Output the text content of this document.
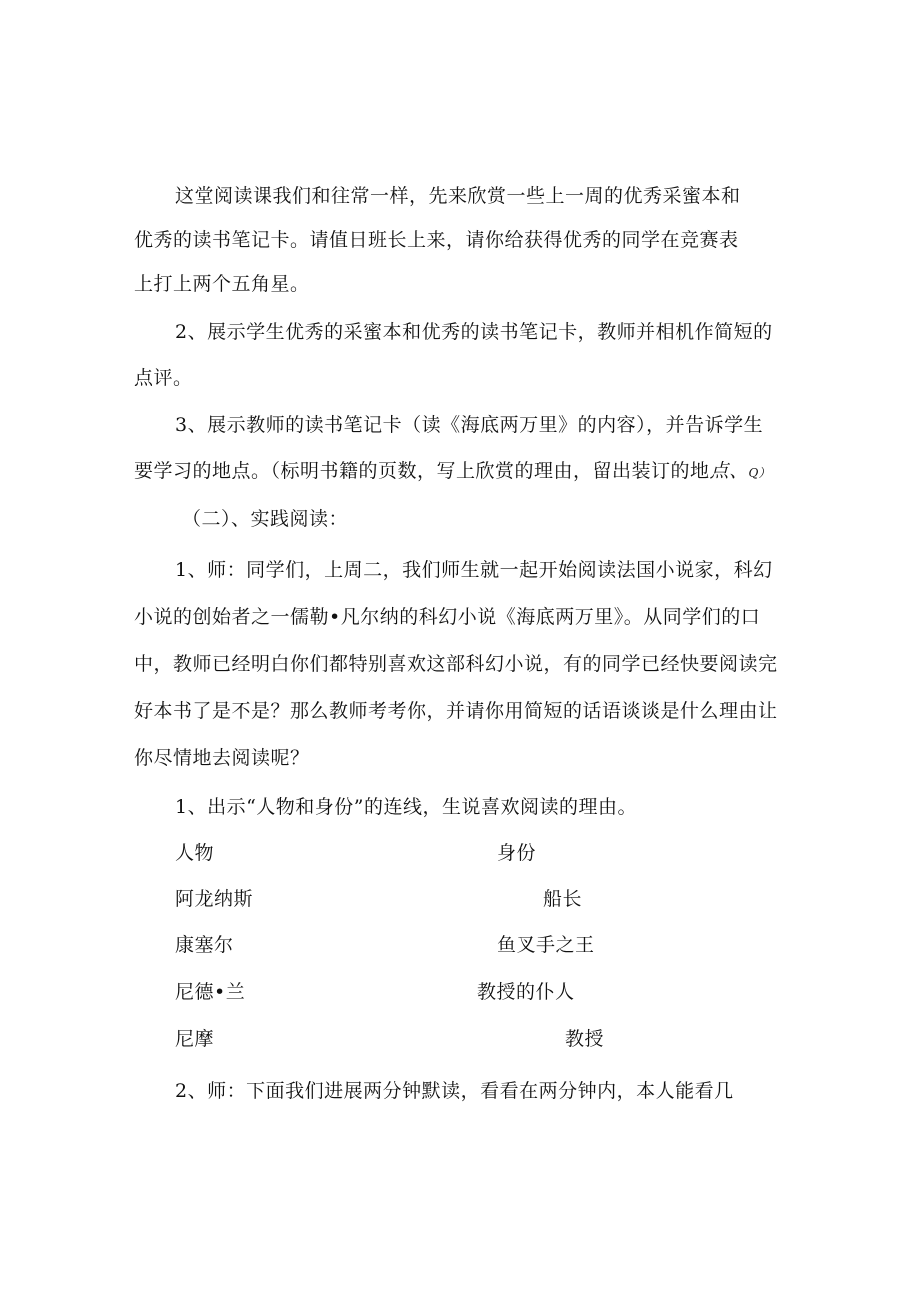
这堂阅读课我们和往常一样，先来欣赏一些上一周的优秀采蜜本和
优秀的读书笔记卡。请值日班长上来，请你给获得优秀的同学在竞赛表
上打上两个五角星。
2、展示学生优秀的采蜜本和优秀的读书笔记卡，教师并相机作简短的
点评。
3、展示教师的读书笔记卡（读《海底两万里》的内容），并告诉学生
要学习的地点。（标明书籍的页数，写上欣赏的理由，留出装订的地点、Q）
（二）、实践阅读：
1、师：同学们，上周二，我们师生就一起开始阅读法国小说家，科幻
小说的创始者之一儒勒•凡尔纳的科幻小说《海底两万里》。从同学们的口
中，教师已经明白你们都特别喜欢这部科幻小说，有的同学已经快要阅读完
好本书了是不是？那么教师考考你，并请你用简短的话语谈谈是什么理由让
你尽情地去阅读呢？
1、出示“人物和身份”的连线，生说喜欢阅读的理由。
人物	身份
阿龙纳斯	船长
康塞尔	鱼叉手之王
尼德•兰	教授的仆人
尼摩	教授
2、师：下面我们进展两分钟默读，看看在两分钟内，本人能看几
